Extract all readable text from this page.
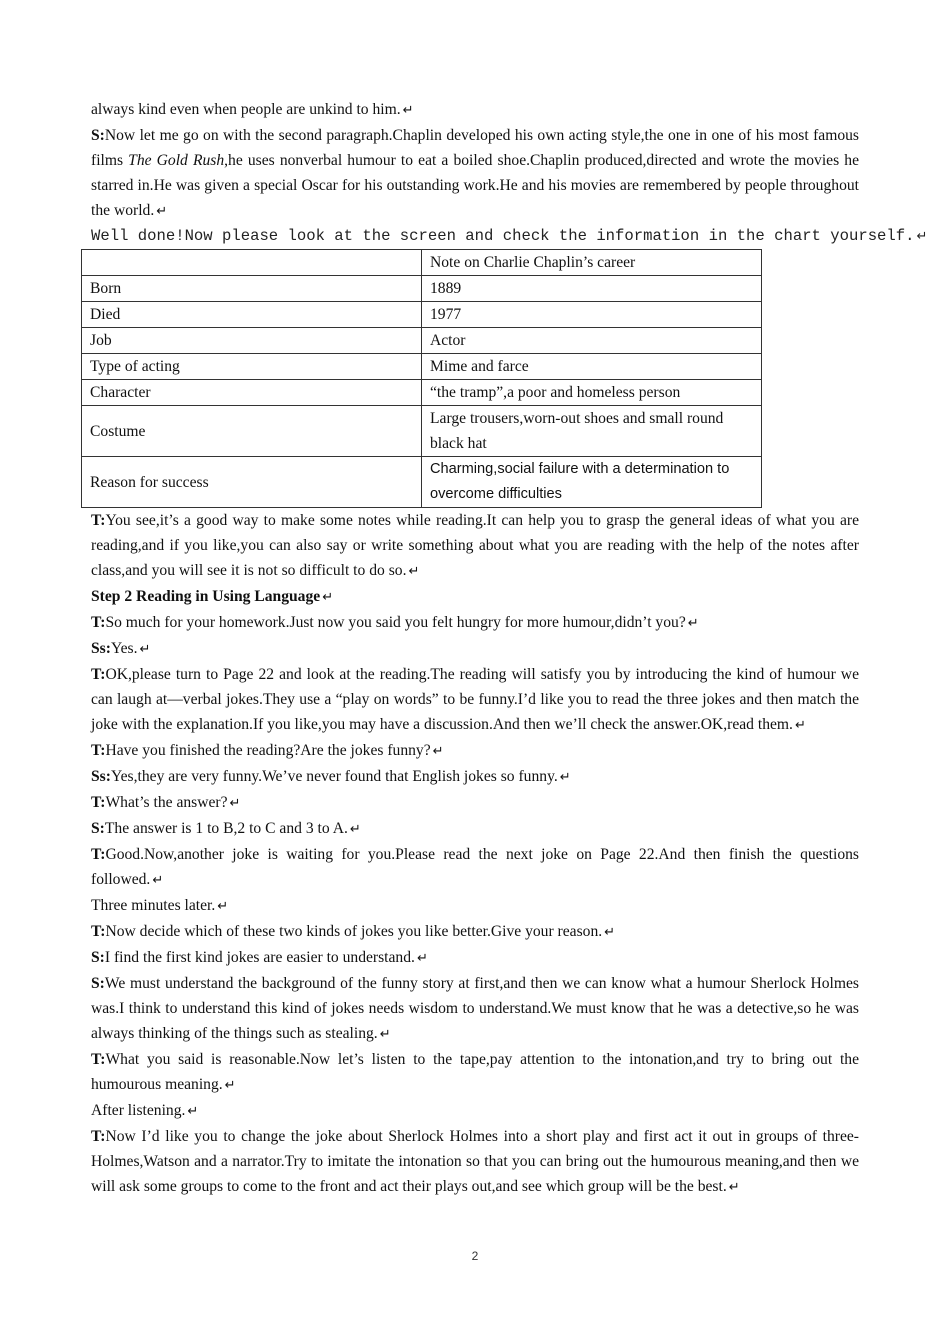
always kind even when people are unkind to him. ↵

S:Now let me go on with the second paragraph.Chaplin developed his own acting style,the one in one of his most famous films The Gold Rush,he uses nonverbal humour to eat a boiled shoe.Chaplin produced,directed and wrote the movies he starred in.He was given a special Oscar for his outstanding work.He and his movies are remembered by people throughout the world. ↵

Well done!Now please look at the screen and check the information in the chart yourself. ↵

	Note on Charlie Chaplin’s career
Born	1889
Died	1977
Job	Actor
Type of acting	Mime and farce
Character	“the tramp”,a poor and homeless person
Costume	Large trousers,worn-out shoes and small round black hat
Reason for success	Charming,social failure with a determination to overcome difficulties

T:You see,it’s a good way to make some notes while reading.It can help you to grasp the general ideas of what you are reading,and if you like,you can also say or write something about what you are reading with the help of the notes after class,and you will see it is not so difficult to do so. ↵

Step 2 Reading in Using Language ↵

T:So much for your homework.Just now you said you felt hungry for more humour,didn’t you? ↵

Ss:Yes. ↵

T:OK,please turn to Page 22 and look at the reading.The reading will satisfy you by introducing the kind of humour we can laugh at—verbal jokes.They use a “play on words” to be funny.I’d like you to read the three jokes and then match the joke with the explanation.If you like,you may have a discussion.And then we’ll check the answer.OK,read them. ↵

T:Have you finished the reading?Are the jokes funny? ↵

Ss:Yes,they are very funny.We’ve never found that English jokes so funny. ↵

T:What’s the answer? ↵

S:The answer is 1 to B,2 to C and 3 to A. ↵

T:Good.Now,another joke is waiting for you.Please read the next joke on Page 22.And then finish the questions followed. ↵

Three minutes later. ↵

T:Now decide which of these two kinds of jokes you like better.Give your reason. ↵

S:I find the first kind jokes are easier to understand. ↵

S:We must understand the background of the funny story at first,and then we can know what a humour Sherlock Holmes was.I think to understand this kind of jokes needs wisdom to understand.We must know that he was a detective,so he was always thinking of the things such as stealing. ↵

T:What you said is reasonable.Now let’s listen to the tape,pay attention to the intonation,and try to bring out the humourous meaning. ↵

After listening. ↵

T:Now I’d like you to change the joke about Sherlock Holmes into a short play and first act it out in groups of three-Holmes,Watson and a narrator.Try to imitate the intonation so that you can bring out the humourous meaning,and then we will ask some groups to come to the front and act their plays out,and see which group will be the best. ↵

2
